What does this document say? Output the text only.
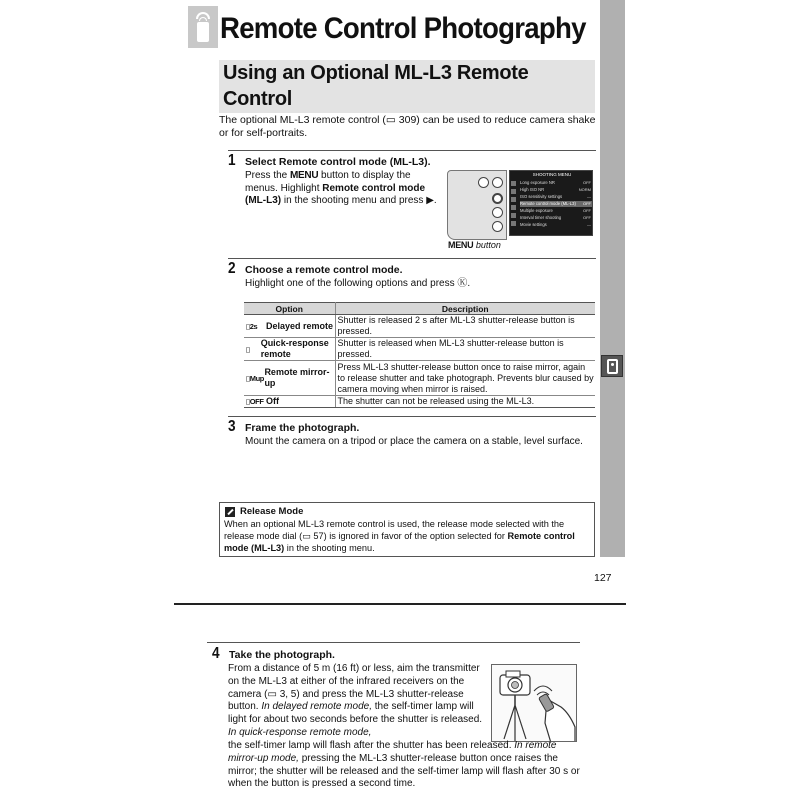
Remote Control Photography
Using an Optional ML-L3 Remote Control
The optional ML-L3 remote control (▭ 309) can be used to reduce camera shake or for self-portraits.
1 Select Remote control mode (ML-L3).
Press the MENU button to display the menus. Highlight Remote control mode (ML-L3) in the shooting menu and press ▶.
SHOOTING MENU
Long exposure NR	OFF
High ISO NR	NORM
ISO sensitivity settings	—
Remote control mode (ML-L3) OFF
Multiple exposure	OFF
Interval timer shooting	OFF
Movie settings	—
MENU button
2 Choose a remote control mode.
Highlight one of the following options and press Ⓚ.
Option	Description

▯2s Delayed remote	Shutter is released 2 s after ML-L3 shutter-release button is pressed.

▯
Quick-response remote	Shutter is released when ML-L3 shutter-release button is pressed.

▯Mup
Remote mirror-up	Press ML-L3 shutter-release button once to raise mirror, again to release shutter and take photograph. Prevents blur caused by camera moving when mirror is raised.

▯OFF Off	The shutter can not be released using the ML-L3.
3 Frame the photograph.
Mount the camera on a tripod or place the camera on a stable, level surface.
Release Mode
When an optional ML-L3 remote control is used, the release mode selected with the release mode dial (▭ 57) is ignored in favor of the option selected for Remote control mode (ML-L3) in the shooting menu.
127
4 Take the photograph.
From a distance of 5 m (16 ft) or less, aim the transmitter on the ML-L3 at either of the infrared receivers on the camera (▭ 3, 5) and press the ML-L3 shutter-release button. In delayed remote mode, the self-timer lamp will light for about two seconds before the shutter is released. In quick-response remote mode,
the self-timer lamp will flash after the shutter has been released. In remote mirror-up mode, pressing the ML-L3 shutter-release button once raises the mirror; the shutter will be released and the self-timer lamp will flash after 30 s or when the button is pressed a second time.
